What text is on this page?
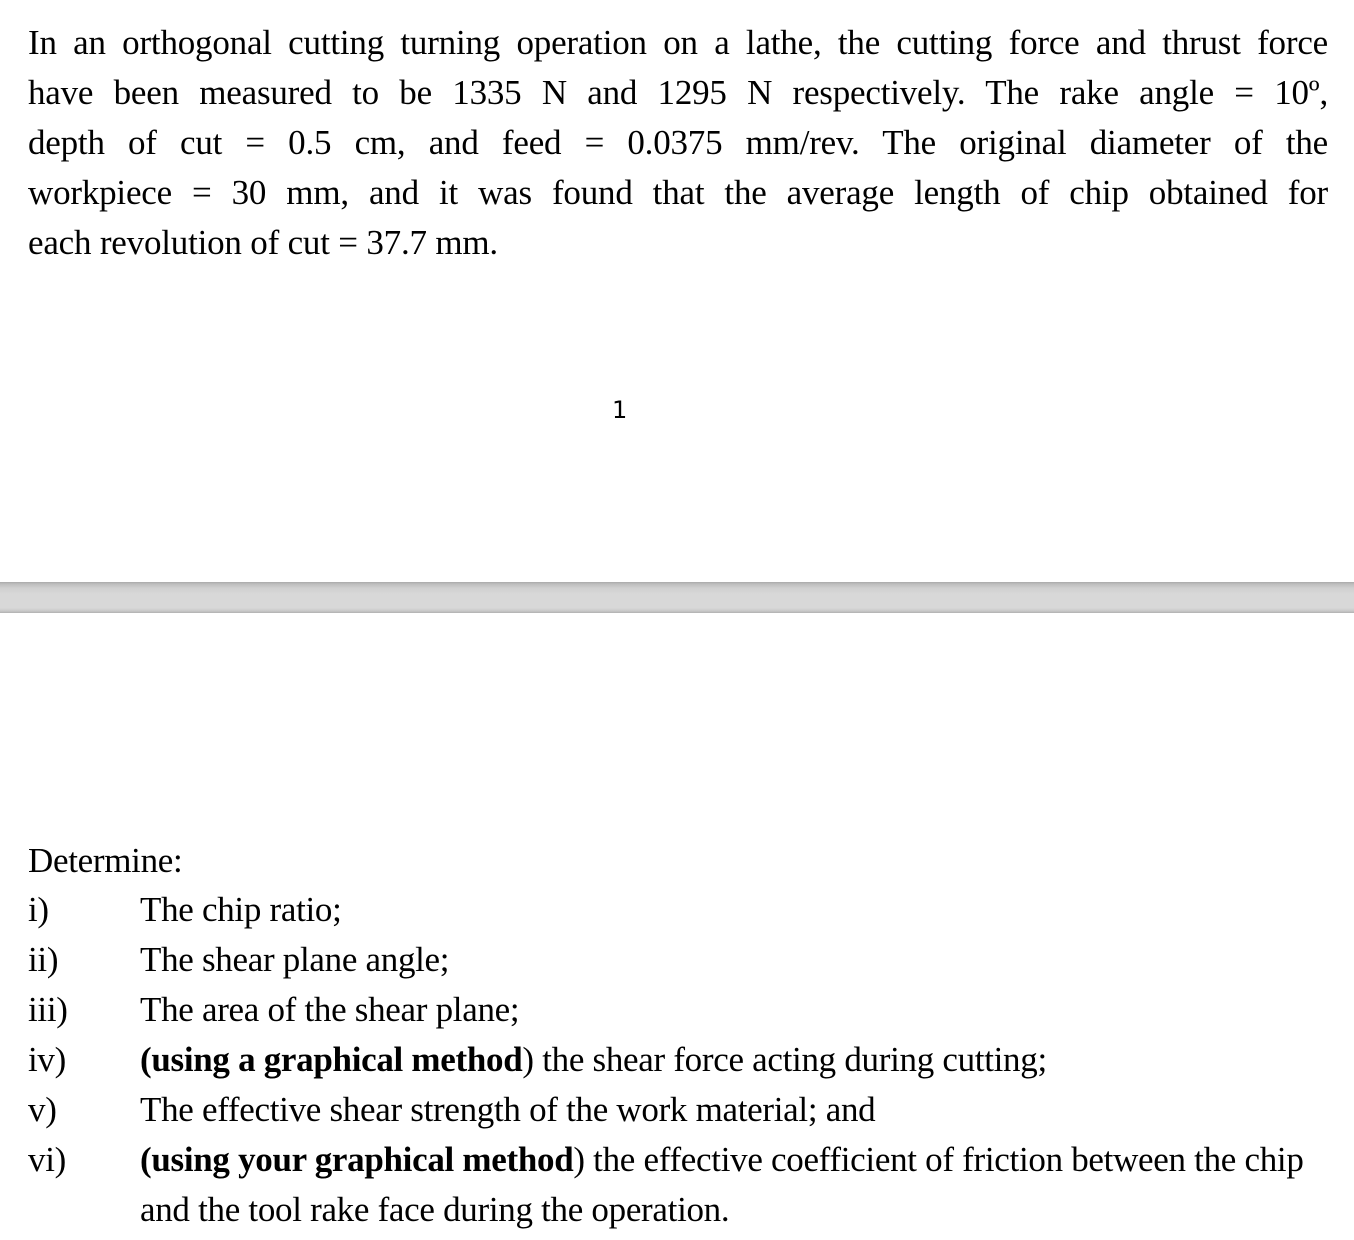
In an orthogonal cutting turning operation on a lathe, the cutting force and thrust force
have been measured to be 1335 N and 1295 N respectively. The rake angle = 10º,
depth of cut = 0.5 cm, and feed = 0.0375 mm/rev. The original diameter of the
workpiece = 30 mm, and it was found that the average length of chip obtained for
each revolution of cut = 37.7 mm.
1
Determine:
i)	The chip ratio;
ii)	The shear plane angle;
iii)	The area of the shear plane;
iv)	(using a graphical method) the shear force acting during cutting;
v)	The effective shear strength of the work material; and
vi)	(using your graphical method) the effective coefficient of friction between the chip and the tool rake face during the operation.
